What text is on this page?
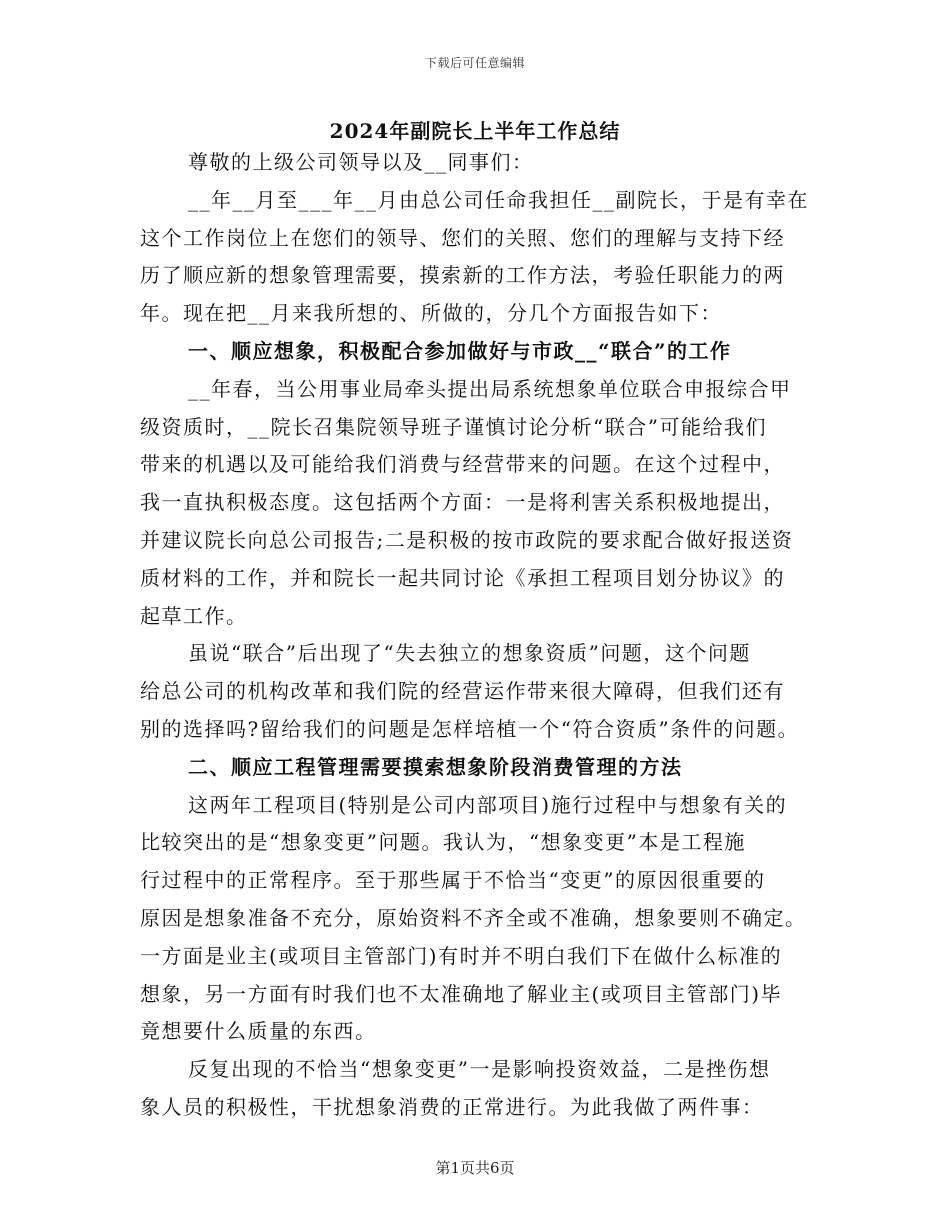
下载后可任意编辑
2024年副院长上半年工作总结
尊敬的上级公司领导以及__同事们：
__年__月至___年__月由总公司任命我担任__副院长，于是有幸在
这个工作岗位上在您们的领导、您们的关照、您们的理解与支持下经
历了顺应新的想象管理需要，摸索新的工作方法，考验任职能力的两
年。现在把__月来我所想的、所做的，分几个方面报告如下：
一、顺应想象，积极配合参加做好与市政__“联合”的工作
__年春，当公用事业局牵头提出局系统想象单位联合申报综合甲
级资质时，__院长召集院领导班子谨慎讨论分析“联合”可能给我们
带来的机遇以及可能给我们消费与经营带来的问题。在这个过程中，
我一直执积极态度。这包括两个方面：一是将利害关系积极地提出，
并建议院长向总公司报告;二是积极的按市政院的要求配合做好报送资
质材料的工作，并和院长一起共同讨论《承担工程项目划分协议》的
起草工作。
虽说“联合”后出现了“失去独立的想象资质”问题，这个问题
给总公司的机构改革和我们院的经营运作带来很大障碍，但我们还有
别的选择吗?留给我们的问题是怎样培植一个“符合资质”条件的问题。
二、顺应工程管理需要摸索想象阶段消费管理的方法
这两年工程项目(特别是公司内部项目)施行过程中与想象有关的
比较突出的是“想象变更”问题。我认为，“想象变更”本是工程施
行过程中的正常程序。至于那些属于不恰当“变更”的原因很重要的
原因是想象准备不充分，原始资料不齐全或不准确，想象要则不确定。
一方面是业主(或项目主管部门)有时并不明白我们下在做什么标准的
想象，另一方面有时我们也不太准确地了解业主(或项目主管部门)毕
竟想要什么质量的东西。
反复出现的不恰当“想象变更”一是影响投资效益，二是挫伤想
象人员的积极性，干扰想象消费的正常进行。为此我做了两件事：
第1页共6页
